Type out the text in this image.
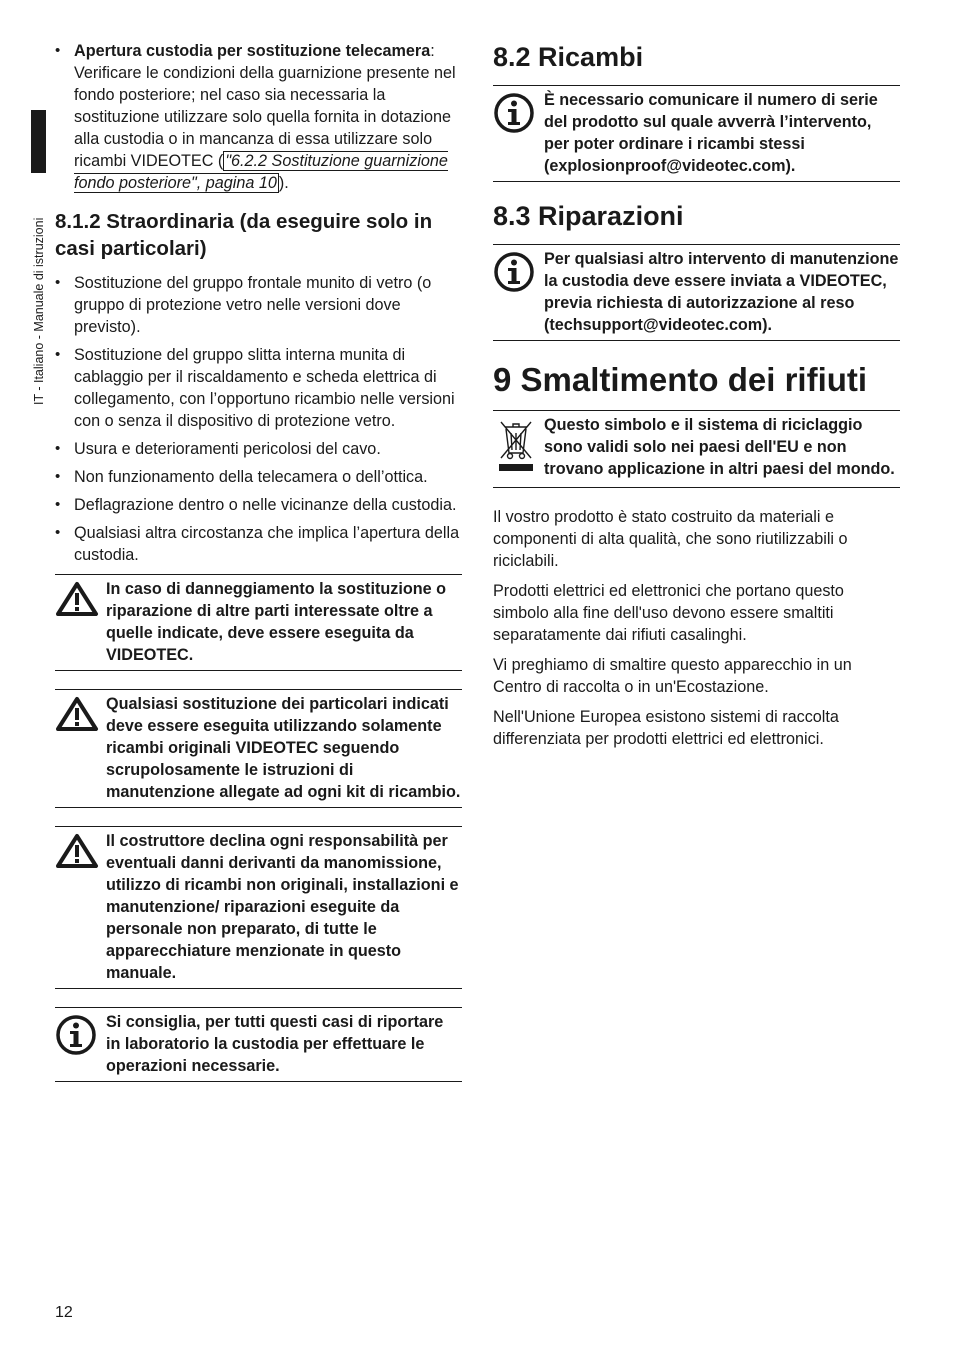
IT - Italiano - Manuale di istruzioni
• Apertura custodia per sostituzione telecamera: Verificare le condizioni della guarnizione presente nel fondo posteriore; nel caso sia necessaria la sostituzione utilizzare solo quella fornita in dotazione alla custodia o in mancanza di essa utilizzare solo ricambi VIDEOTEC ( "6.2.2 Sostituzione guarnizione fondo posteriore", pagina 10 ).
8.1.2 Straordinaria (da eseguire solo in casi particolari)
• Sostituzione del gruppo frontale munito di vetro (o gruppo di protezione vetro nelle versioni dove previsto).
• Sostituzione del gruppo slitta interna munita di cablaggio per il riscaldamento e scheda elettrica di collegamento, con l’opportuno ricambio nelle versioni con o senza il dispositivo di protezione vetro.
• Usura e deterioramenti pericolosi del cavo.
• Non funzionamento della telecamera o dell’ottica.
• Deflagrazione dentro o nelle vicinanze della custodia.
• Qualsiasi altra circostanza che implica l’apertura della custodia.
In caso di danneggiamento la sostituzione o riparazione di altre parti interessate oltre a quelle indicate, deve essere eseguita da VIDEOTEC.
Qualsiasi sostituzione dei particolari indicati deve essere eseguita utilizzando solamente ricambi originali VIDEOTEC seguendo scrupolosamente le istruzioni di manutenzione allegate ad ogni kit di ricambio.
Il costruttore declina ogni responsabilità per eventuali danni derivanti da manomissione, utilizzo di ricambi non originali, installazioni e manutenzione/ riparazioni eseguite da personale non preparato, di tutte le apparecchiature menzionate in questo manuale.
Si consiglia, per tutti questi casi di riportare in laboratorio la custodia per effettuare le operazioni necessarie.
8.2 Ricambi
È necessario comunicare il numero di serie del prodotto sul quale avverrà l’intervento, per poter ordinare i ricambi stessi (explosionproof@videotec.com).
8.3 Riparazioni
Per qualsiasi altro intervento di manutenzione la custodia deve essere inviata a VIDEOTEC, previa richiesta di autorizzazione al reso (techsupport@videotec.com).
9 Smaltimento dei rifiuti
Questo simbolo e il sistema di riciclaggio sono validi solo nei paesi dell'EU e non trovano applicazione in altri paesi del mondo.

Il vostro prodotto è stato costruito da materiali e componenti di alta qualità, che sono riutilizzabili o riciclabili.

Prodotti elettrici ed elettronici che portano questo simbolo alla fine dell'uso devono essere smaltiti separatamente dai rifiuti casalinghi.

Vi preghiamo di smaltire questo apparecchio in un Centro di raccolta o in un'Ecostazione.

Nell'Unione Europea esistono sistemi di raccolta differenziata per prodotti elettrici ed elettronici.

12
